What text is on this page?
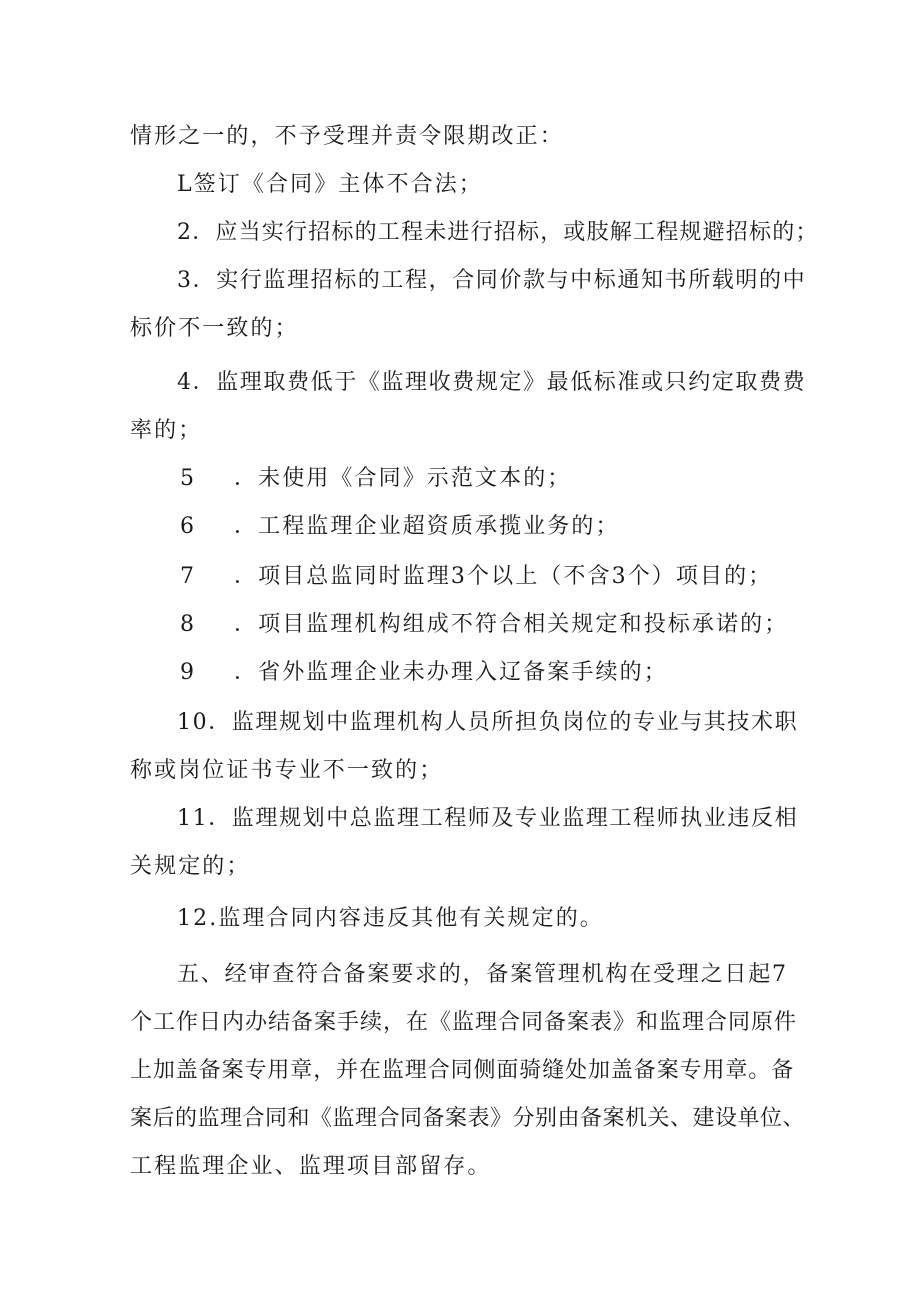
情形之一的，不予受理并责令限期改正：
L签订《合同》主体不合法；
2．应当实行招标的工程未进行招标，或肢解工程规避招标的；
3．实行监理招标的工程，合同价款与中标通知书所载明的中
标价不一致的；
4．监理取费低于《监理收费规定》最低标准或只约定取费费
率的；
5 ．未使用《合同》示范文本的；
6 ．工程监理企业超资质承揽业务的；
7 ．项目总监同时监理3个以上（不含3个）项目的；
8 ．项目监理机构组成不符合相关规定和投标承诺的；
9 ．省外监理企业未办理入辽备案手续的；
10．监理规划中监理机构人员所担负岗位的专业与其技术职
称或岗位证书专业不一致的；
11．监理规划中总监理工程师及专业监理工程师执业违反相
关规定的；
12.监理合同内容违反其他有关规定的。
五、经审查符合备案要求的，备案管理机构在受理之日起7
个工作日内办结备案手续，在《监理合同备案表》和监理合同原件
上加盖备案专用章，并在监理合同侧面骑缝处加盖备案专用章。备
案后的监理合同和《监理合同备案表》分别由备案机关、建设单位、
工程监理企业、监理项目部留存。
